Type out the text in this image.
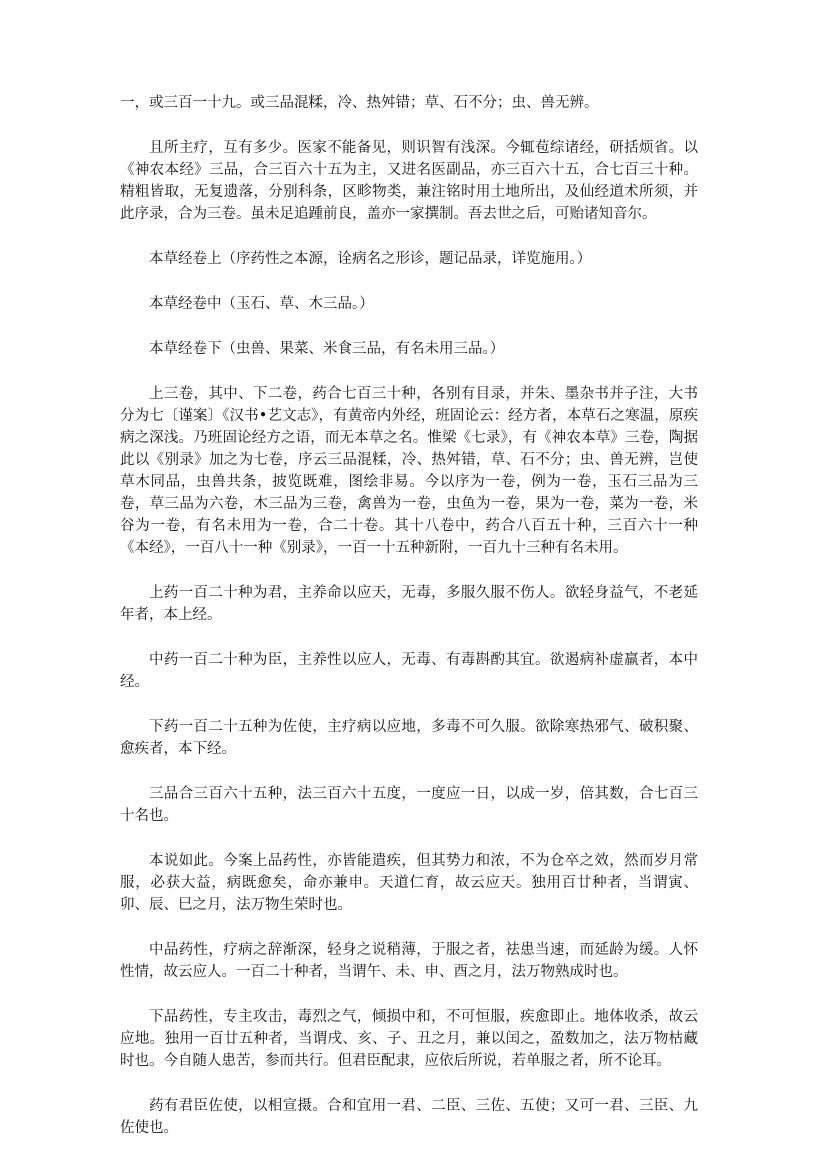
一，或三百一十九。或三品混糅，冷、热舛错；草、石不分；虫、兽无辨。

且所主疗，互有多少。医家不能备见，则识智有浅深。今辄苞综诸经，研括烦省。以《神农本经》三品，合三百六十五为主，又进名医副品，亦三百六十五，合七百三十种。精粗皆取，无复遗落，分别科条，区畛物类，兼注铭时用土地所出，及仙经道术所须，并此序录，合为三卷。虽未足追踵前良，盖亦一家撰制。吾去世之后，可贻诸知音尔。

本草经卷上（序药性之本源，诠病名之形诊，题记品录，详览施用。）

本草经卷中（玉石、草、木三品。）

本草经卷下（虫兽、果菜、米食三品，有名未用三品。）

上三卷，其中、下二卷，药合七百三十种，各别有目录，并朱、墨杂书并子注，大书分为七〔谨案〕《汉书•艺文志》，有黄帝内外经，班固论云：经方者，本草石之寒温，原疾病之深浅。乃班固论经方之语，而无本草之名。惟梁《七录》，有《神农本草》三卷，陶据此以《别录》加之为七卷，序云三品混糅，冷、热舛错，草、石不分；虫、兽无辨，岂使草木同品，虫兽共条，披览既难，图绘非易。今以序为一卷，例为一卷，玉石三品为三卷，草三品为六卷，木三品为三卷，禽兽为一卷，虫鱼为一卷，果为一卷，菜为一卷，米谷为一卷，有名未用为一卷，合二十卷。其十八卷中，药合八百五十种，三百六十一种《本经》，一百八十一种《别录》，一百一十五种新附，一百九十三种有名未用。

上药一百二十种为君，主养命以应天，无毒，多服久服不伤人。欲轻身益气，不老延年者，本上经。

中药一百二十种为臣，主养性以应人，无毒、有毒斟酌其宜。欲遏病补虚羸者，本中经。

下药一百二十五种为佐使，主疗病以应地，多毒不可久服。欲除寒热邪气、破积聚、愈疾者，本下经。

三品合三百六十五种，法三百六十五度，一度应一日，以成一岁，倍其数，合七百三十名也。

本说如此。今案上品药性，亦皆能遣疾，但其势力和浓，不为仓卒之效，然而岁月常服，必获大益，病既愈矣，命亦兼申。天道仁育，故云应天。独用百廿种者，当谓寅、卯、辰、巳之月，法万物生荣时也。

中品药性，疗病之辞渐深，轻身之说稍薄，于服之者，祛患当速，而延龄为缓。人怀性情，故云应人。一百二十种者，当谓午、未、申、酉之月，法万物熟成时也。

下品药性，专主攻击，毒烈之气，倾损中和，不可恒服，疾愈即止。地体收杀，故云应地。独用一百廿五种者，当谓戌、亥、子、丑之月，兼以闰之，盈数加之，法万物枯藏时也。今自随人患苦，参而共行。但君臣配隶，应依后所说，若单服之者，所不论耳。

药有君臣佐使，以相宣摄。合和宜用一君、二臣、三佐、五使；又可一君、三臣、九佐使也。
